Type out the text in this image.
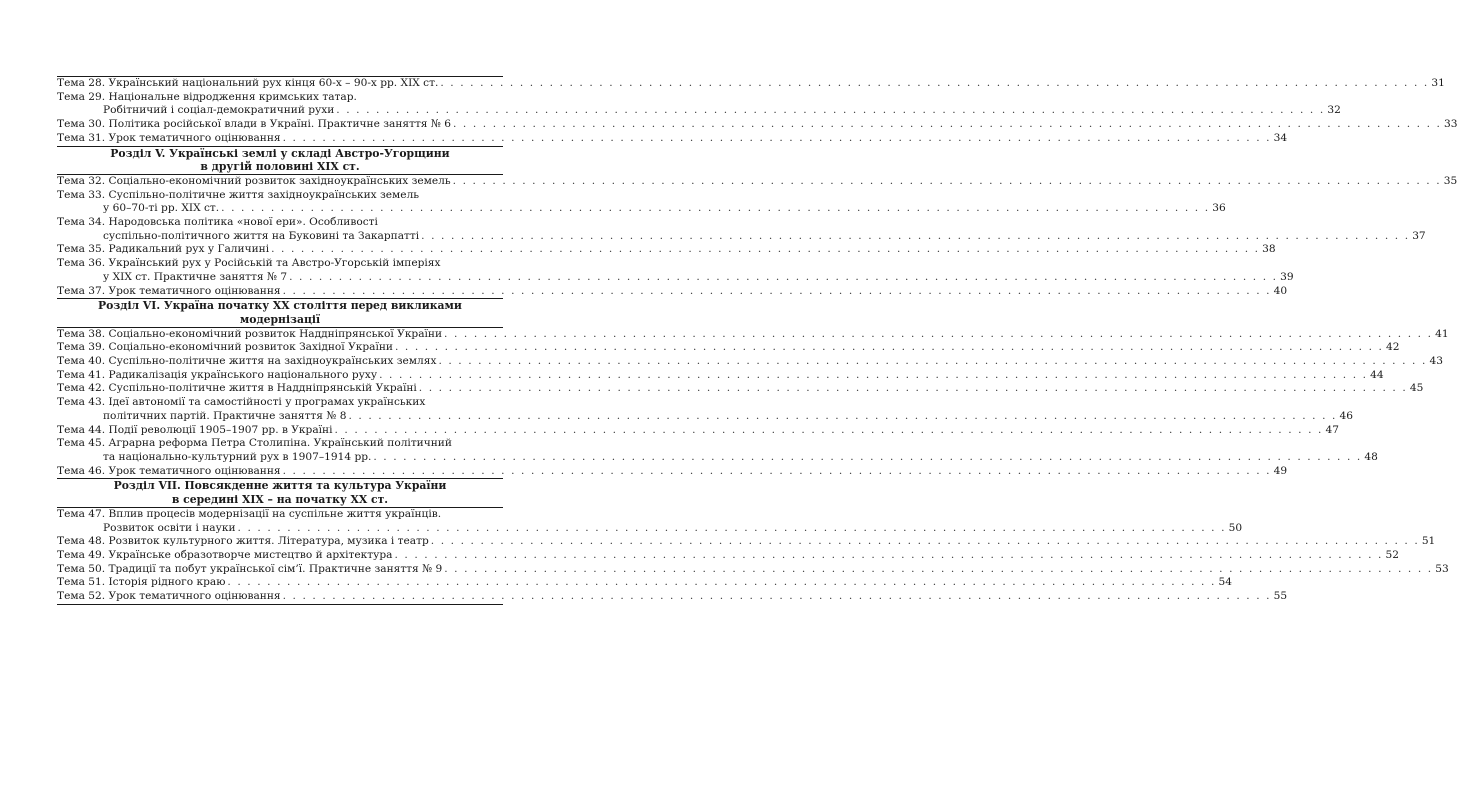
Тема 28. Український національний рух кінця 60-х – 90-х рр. XIX ст. . . .	31
Тема 29. Національне відродження кримських татар.
Робітничий і соціал-демократичний рухи . . .	32
Тема 30. Політика російської влади в Україні. Практичне заняття № 6 . . .	33
Тема 31. Урок тематичного оцінювання . . .	34
Розділ V. Українські землі у складі Австро-Угорщини
в другій половині XIX ст.
Тема 32. Соціально-економічний розвиток західноукраїнських земель . . .	35
Тема 33. Суспільно-політичне життя західноукраїнських земель
у 60–70-ті рр. XIX ст. . . .	36
Тема 34. Народовська політика «нової ери». Особливості
суспільно-політичного життя на Буковині та Закарпатті . . .	37
Тема 35. Радикальний рух у Галичині . . .	38
Тема 36. Український рух у Російській та Австро-Угорській імперіях
у XIX ст. Практичне заняття № 7 . . .	39
Тема 37. Урок тематичного оцінювання . . .	40
Розділ VI. Україна початку XX століття перед викликами модернізації
Тема 38. Соціально-економічний розвиток Наддніпрянської України . . .	41
Тема 39. Соціально-економічний розвиток Західної України . . .	42
Тема 40. Суспільно-політичне життя на західноукраїнських землях . . .	43
Тема 41. Радикалізація українського національного руху . . .	44
Тема 42. Суспільно-політичне життя в Наддніпрянській Україні . . .	45
Тема 43. Ідеї автономії та самостійності у програмах українських
політичних партій. Практичне заняття № 8 . . .	46
Тема 44. Події революції 1905–1907 рр. в Україні . . .	47
Тема 45. Аграрна реформа Петра Столипіна. Український політичний
та національно-культурний рух в 1907–1914 рр. . . .	48
Тема 46. Урок тематичного оцінювання . . .	49
Розділ VII. Повсякденне життя та культура України
в середині XIX – на початку XX ст.
Тема 47. Вплив процесів модернізації на суспільне життя українців.
Розвиток освіти і науки . . .	50
Тема 48. Розвиток культурного життя. Література, музика і театр . . .	51
Тема 49. Українське образотворче мистецтво й архітектура . . .	52
Тема 50. Традиції та побут української сім’ї. Практичне заняття № 9 . . .	53
Тема 51. Історія рідного краю . . .	54
Тема 52. Урок тематичного оцінювання . . .	55
